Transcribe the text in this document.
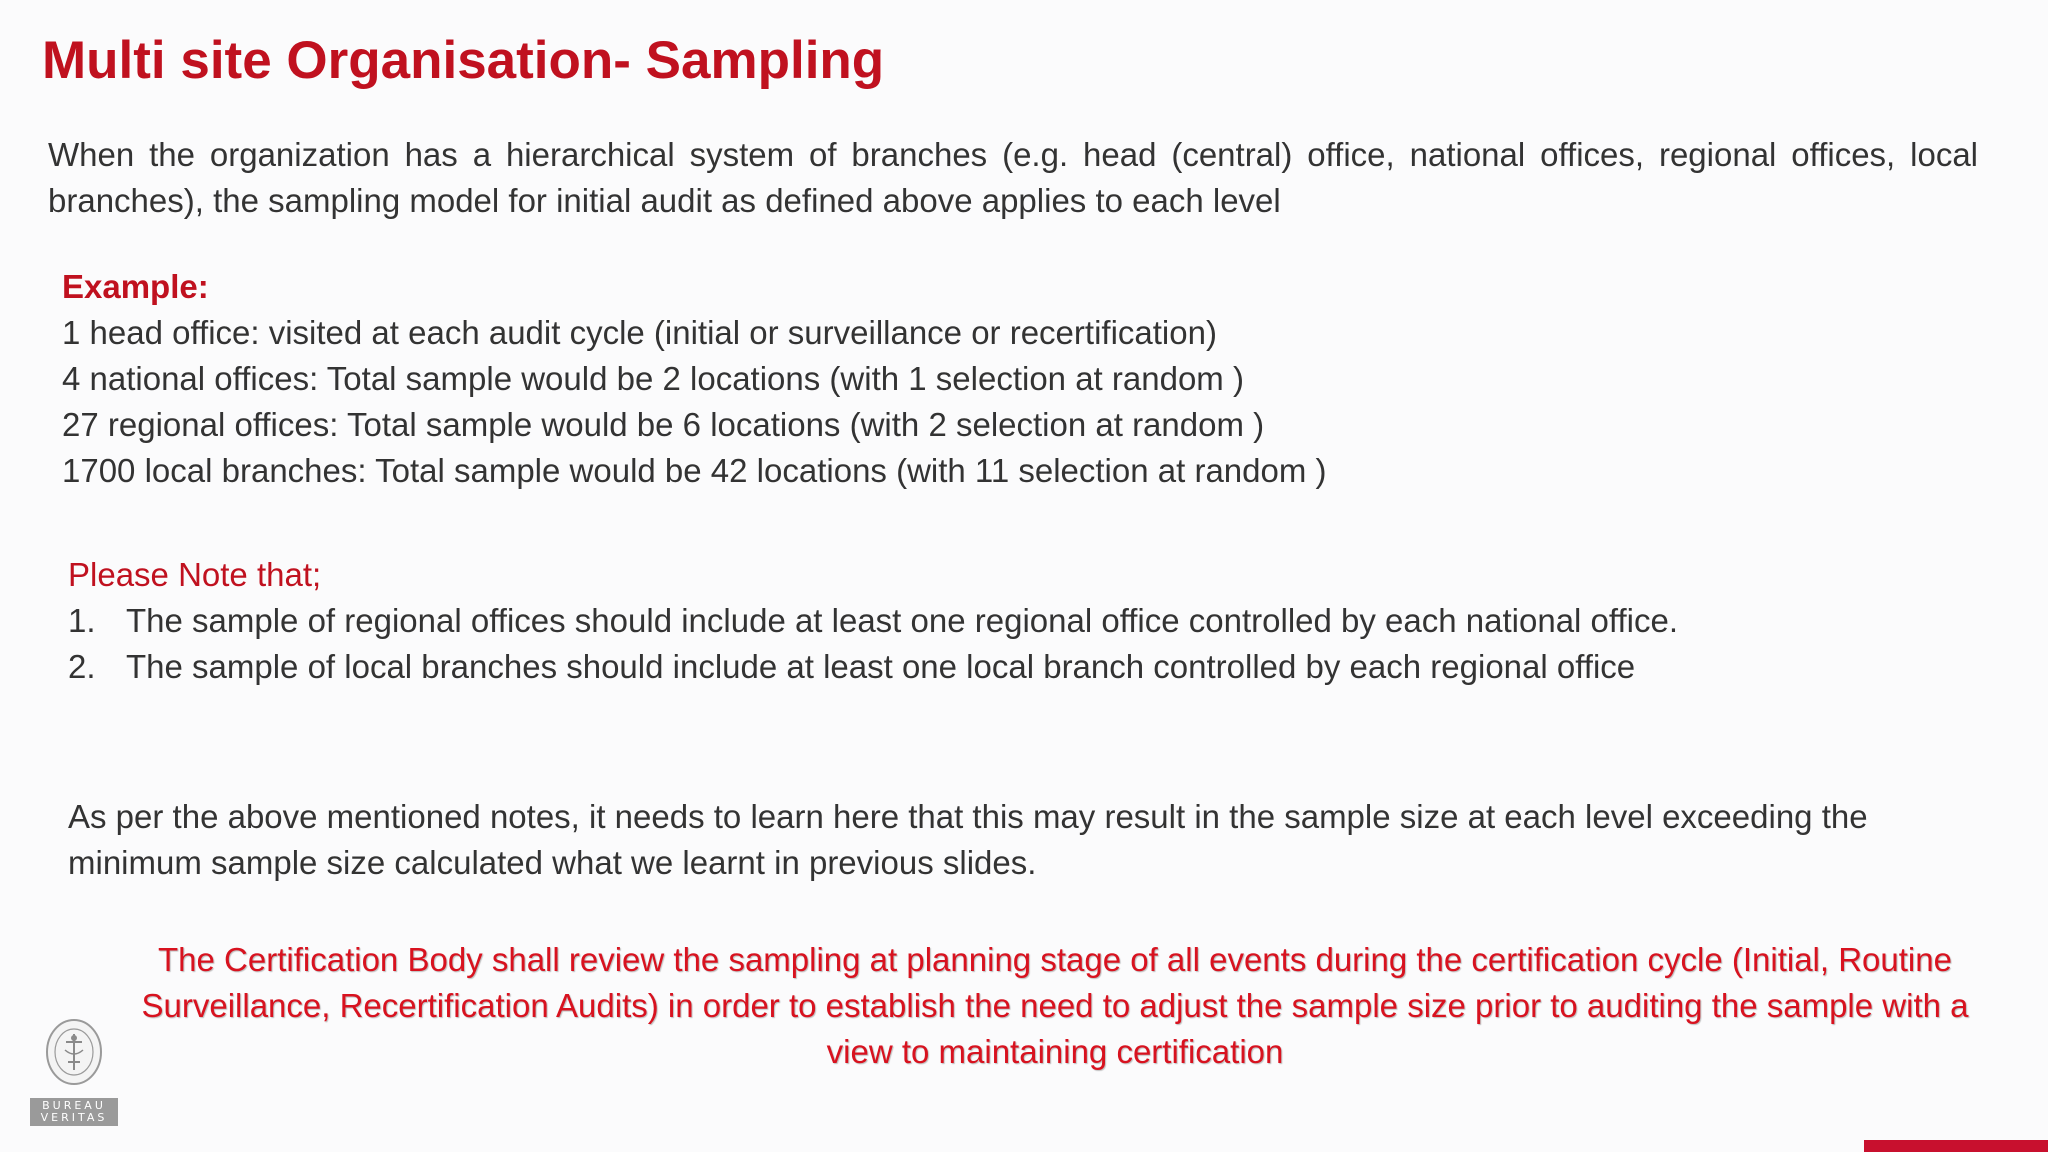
Multi site Organisation- Sampling

When the organization has a hierarchical system of branches (e.g. head (central) office, national offices, regional offices, local branches), the sampling model for initial audit as defined above applies to each level

Example:
1 head office: visited at each audit cycle (initial or surveillance or recertification)
4 national offices: Total sample would be 2 locations (with 1 selection at random )
27 regional offices: Total sample would be 6 locations (with 2 selection at random )
1700 local branches: Total sample would be 42 locations (with 11 selection at random )
Please Note that;
1. The sample of regional offices should include at least one regional office controlled by each national office.
2. The sample of local branches should include at least one local branch controlled by each regional office

As per the above mentioned notes, it needs to learn here that this may result in the sample size at each level exceeding the minimum sample size calculated what we learnt in previous slides.

The Certification Body shall review the sampling at planning stage of all events during the certification cycle (Initial, Routine Surveillance, Recertification Audits) in order to establish the need to adjust the sample size prior to auditing the sample with a view to maintaining certification

BUREAU
VERITAS
